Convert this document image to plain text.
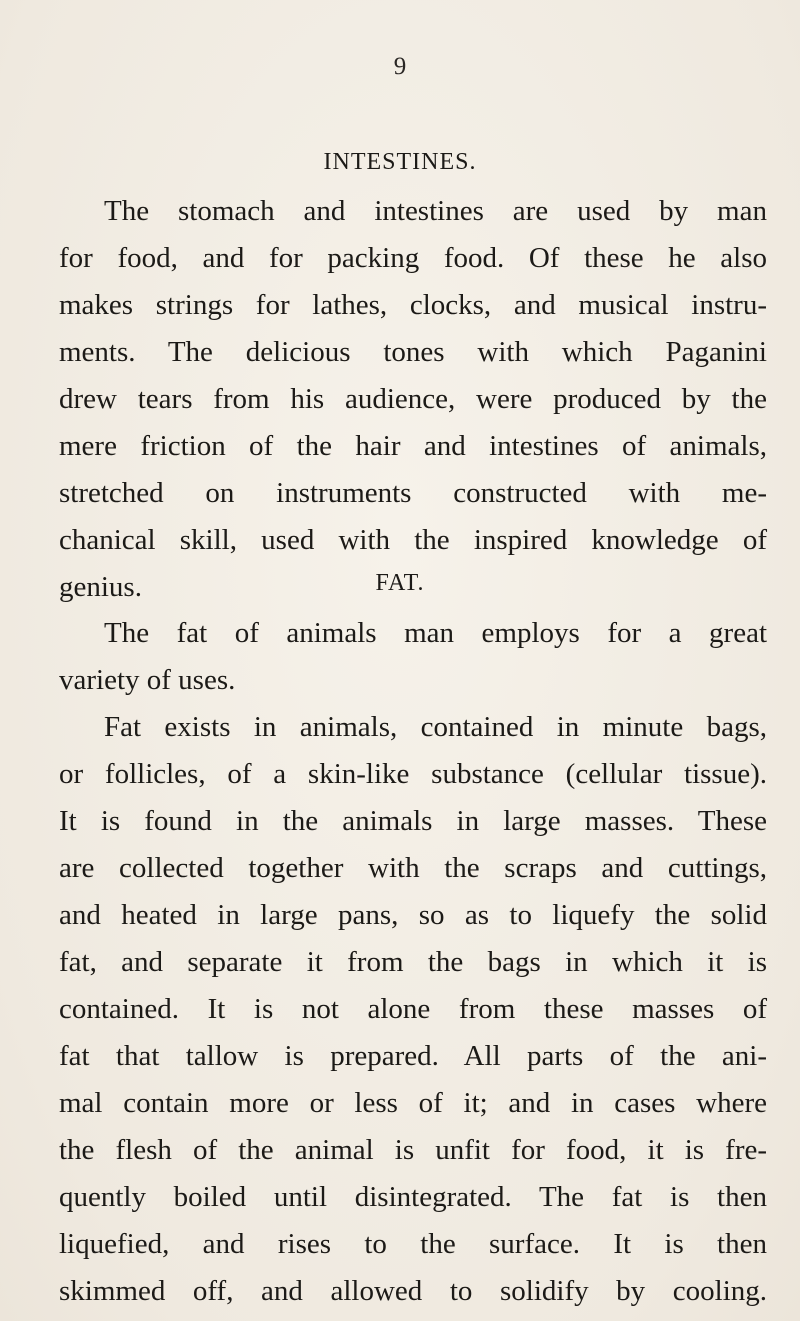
9
INTESTINES.
The stomach and intestines are used by man
for food, and for packing food. Of these he also
makes strings for lathes, clocks, and musical instru-
ments. The delicious tones with which Paganini
drew tears from his audience, were produced by the
mere friction of the hair and intestines of animals,
stretched on instruments constructed with me-
chanical skill, used with the inspired knowledge of
genius.	FAT.
The fat of animals man employs for a great
variety of uses.
Fat exists in animals, contained in minute bags,
or follicles, of a skin-like substance (cellular tissue).
It is found in the animals in large masses. These
are collected together with the scraps and cuttings,
and heated in large pans, so as to liquefy the solid
fat, and separate it from the bags in which it is
contained. It is not alone from these masses of
fat that tallow is prepared. All parts of the ani-
mal contain more or less of it; and in cases where
the flesh of the animal is unfit for food, it is fre-
quently boiled until disintegrated. The fat is then
liquefied, and rises to the surface. It is then
skimmed off, and allowed to solidify by cooling.
